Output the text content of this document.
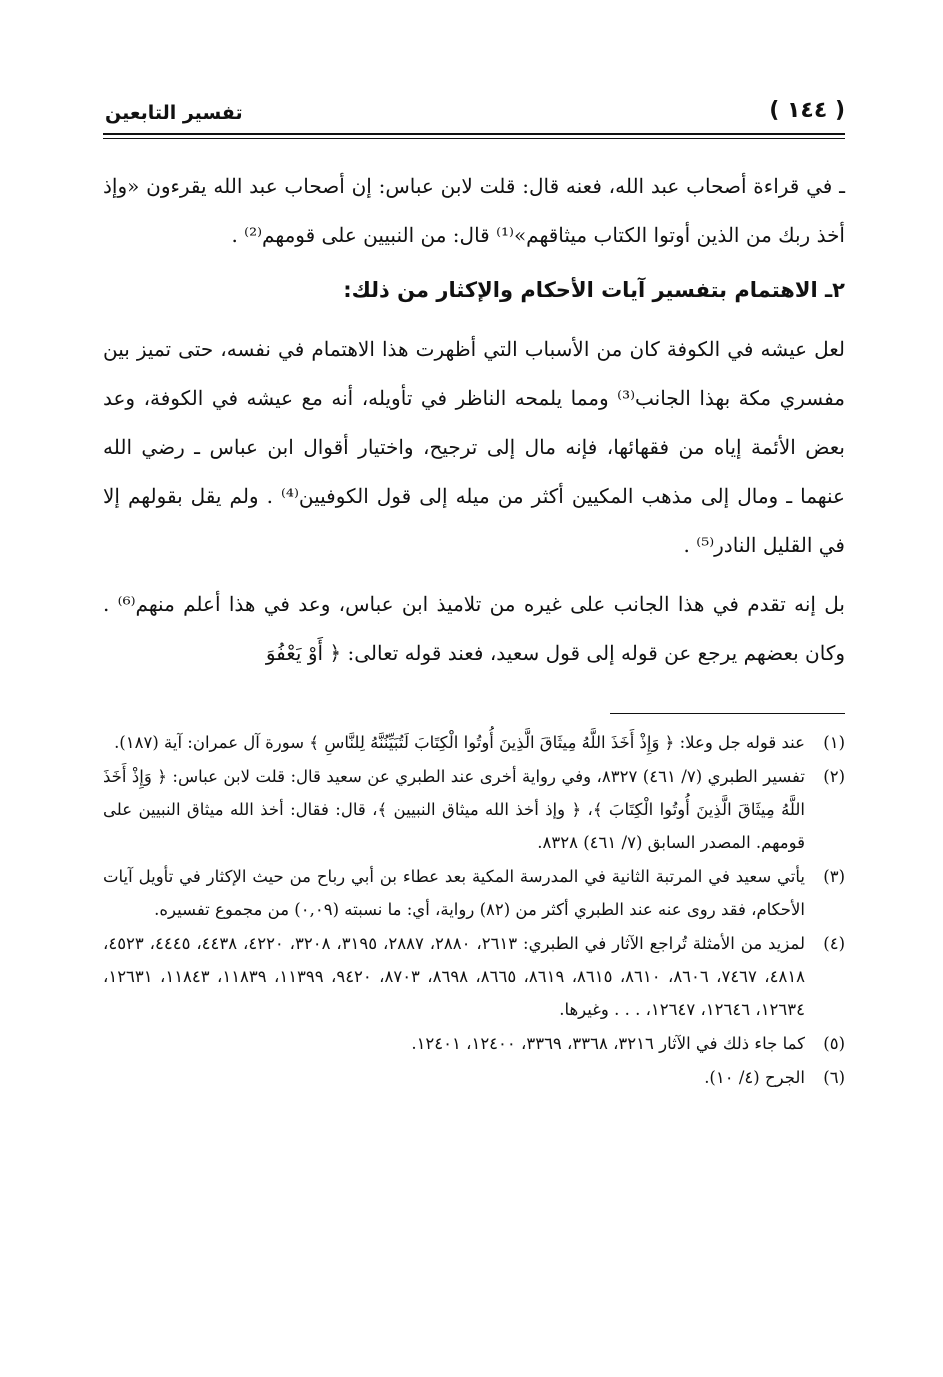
تفسير التابعين	( ١٤٤ )

ـ في قراءة أصحاب عبد الله، فعنه قال: قلت لابن عباس: إن أصحاب عبد الله يقرءون «وإذ أخذ ربك من الذين أوتوا الكتاب ميثاقهم»⁽¹⁾ قال: من النبيين على قومهم⁽²⁾ .

٢ـ الاهتمام بتفسير آيات الأحكام والإكثار من ذلك:

لعل عيشه في الكوفة كان من الأسباب التي أظهرت هذا الاهتمام في نفسه، حتى تميز بين مفسري مكة بهذا الجانب⁽³⁾ ومما يلمحه الناظر في تأويله، أنه مع عيشه في الكوفة، وعد بعض الأئمة إياه من فقهائها، فإنه مال إلى ترجيح، واختيار أقوال ابن عباس ـ رضي الله عنهما ـ ومال إلى مذهب المكيين أكثر من ميله إلى قول الكوفيين⁽⁴⁾ . ولم يقل بقولهم إلا في القليل النادر⁽⁵⁾ .

بل إنه تقدم في هذا الجانب على غيره من تلاميذ ابن عباس، وعد في هذا أعلم منهم⁽⁶⁾ . وكان بعضهم يرجع عن قوله إلى قول سعيد، فعند قوله تعالى: ﴿ أَوْ يَعْفُوَ

(١)
عند قوله جل وعلا: ﴿ وَإِذْ أَخَذَ اللَّهُ مِيثَاقَ الَّذِينَ أُوتُوا الْكِتَابَ لَتُبَيِّنُنَّهُ لِلنَّاسِ ﴾ سورة آل عمران: آية (١٨٧).
(٢)
تفسير الطبري (٧/ ٤٦١) ٨٣٢٧، وفي رواية أخرى عند الطبري عن سعيد قال: قلت لابن عباس: ﴿ وَإِذْ أَخَذَ اللَّهُ مِيثَاقَ الَّذِينَ أُوتُوا الْكِتَابَ ﴾، ﴿ وإذ أخذ الله ميثاق النبيين ﴾، قال: فقال: أخذ الله ميثاق النبيين على قومهم. المصدر السابق (٧/ ٤٦١) ٨٣٢٨.
(٣)
يأتي سعيد في المرتبة الثانية في المدرسة المكية بعد عطاء بن أبي رباح من حيث الإكثار في تأويل آيات الأحكام، فقد روى عنه عند الطبري أكثر من (٨٢) رواية، أي: ما نسبته (٠,٠٩) من مجموع تفسيره.
(٤)
لمزيد من الأمثلة تُراجع الآثار في الطبري: ٢٦١٣، ٢٨٨٠، ٢٨٨٧، ٣١٩٥، ٣٢٠٨، ٤٢٢٠، ٤٤٣٨، ٤٤٤٥، ٤٥٢٣، ٤٨١٨، ٧٤٦٧، ٨٦٠٦، ٨٦١٠، ٨٦١٥، ٨٦١٩، ٨٦٦٥، ٨٦٩٨، ٨٧٠٣، ٩٤٢٠، ١١٣٩٩، ١١٨٣٩، ١١٨٤٣، ١٢٦٣١، ١٢٦٣٤، ١٢٦٤٦، ١٢٦٤٧، . . . وغيرها.
(٥)
كما جاء ذلك في الآثار ٣٢١٦، ٣٣٦٨، ٣٣٦٩، ١٢٤٠٠، ١٢٤٠١.
(٦)
الجرح (٤/ ١٠).
